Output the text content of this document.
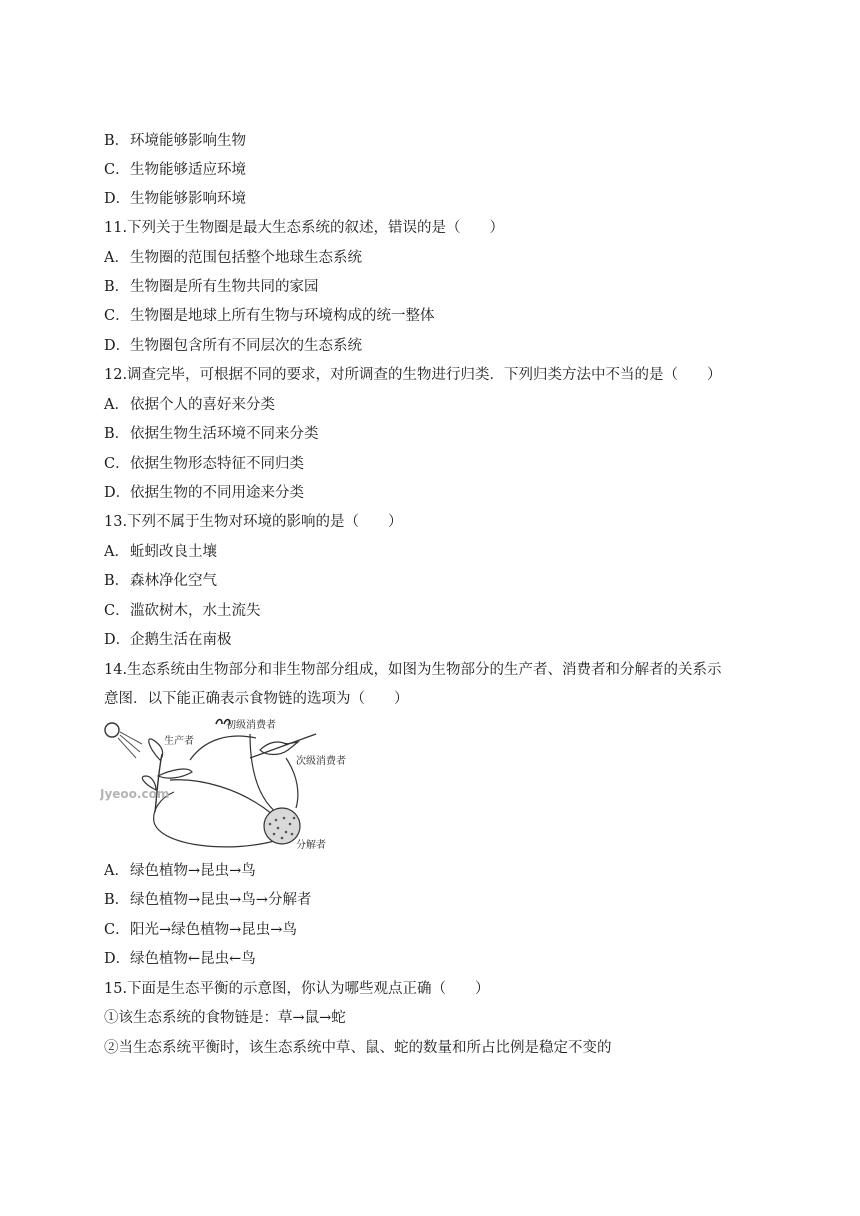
B．环境能够影响生物
C．生物能够适应环境
D．生物能够影响环境
11.下列关于生物圈是最大生态系统的叙述，错误的是（　　）
A．生物圈的范围包括整个地球生态系统
B．生物圈是所有生物共同的家园
C．生物圈是地球上所有生物与环境构成的统一整体
D．生物圈包含所有不同层次的生态系统
12.调查完毕，可根据不同的要求，对所调查的生物进行归类．下列归类方法中不当的是（　　）
A．依据个人的喜好来分类
B．依据生物生活环境不同来分类
C．依据生物形态特征不同归类
D．依据生物的不同用途来分类
13.下列不属于生物对环境的影响的是（　　）
A．蚯蚓改良土壤
B．森林净化空气
C．滥砍树木，水土流失
D．企鹅生活在南极
14.生态系统由生物部分和非生物部分组成，如图为生物部分的生产者、消费者和分解者的关系示
意图．以下能正确表示食物链的选项为（　　）
生产者
初级消费者
次级消费者
分解者
Jyeoo.com
A．绿色植物→昆虫→鸟
B．绿色植物→昆虫→鸟→分解者
C．阳光→绿色植物→昆虫→鸟
D．绿色植物←昆虫←鸟
15.下面是生态平衡的示意图，你认为哪些观点正确（　　）
①该生态系统的食物链是：草→鼠→蛇
②当生态系统平衡时，该生态系统中草、鼠、蛇的数量和所占比例是稳定不变的
